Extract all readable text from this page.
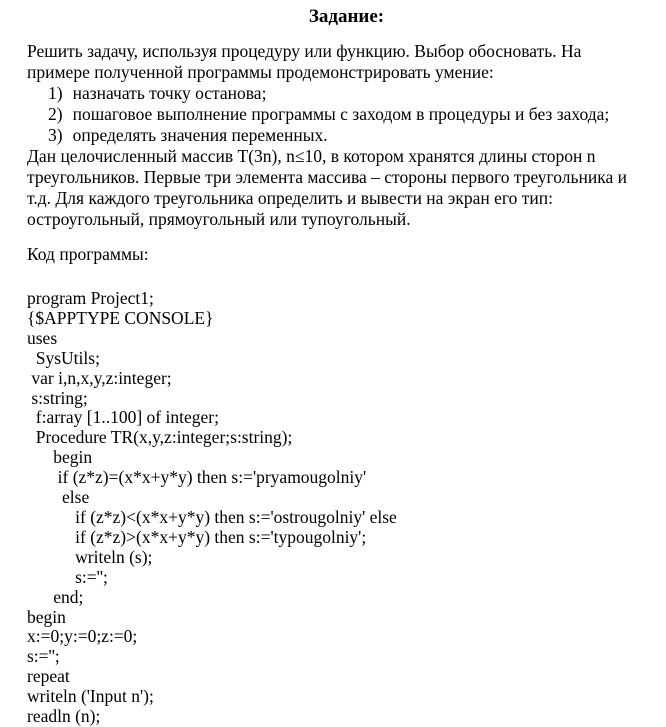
Задание:
Решить задачу, используя процедуру или функцию. Выбор обосновать. На
примере полученной программы продемонстрировать умение:
1) назначать точку останова;
2) пошаговое выполнение программы с заходом в процедуры и без захода;
3) определять значения переменных.
Дан целочисленный массив T(3n), n≤10, в котором хранятся длины сторон n
треугольников. Первые три элемента массива – стороны первого треугольника и
т.д. Для каждого треугольника определить и вывести на экран его тип:
остроугольный, прямоугольный или тупоугольный.
Код программы:
program Project1;
{$APPTYPE CONSOLE}
uses
SysUtils;
var i,n,x,y,z:integer;
s:string;
f:array [1..100] of integer;
Procedure TR(x,y,z:integer;s:string);
begin
if (z*z)=(x*x+y*y) then s:='pryamougolniy'
else
if (z*z)<(x*x+y*y) then s:='ostrougolniy' else
if (z*z)>(x*x+y*y) then s:='typougolniy';
writeln (s);
s:='';
end;
begin
x:=0;y:=0;z:=0;
s:='';
repeat
writeln ('Input n');
readln (n);
